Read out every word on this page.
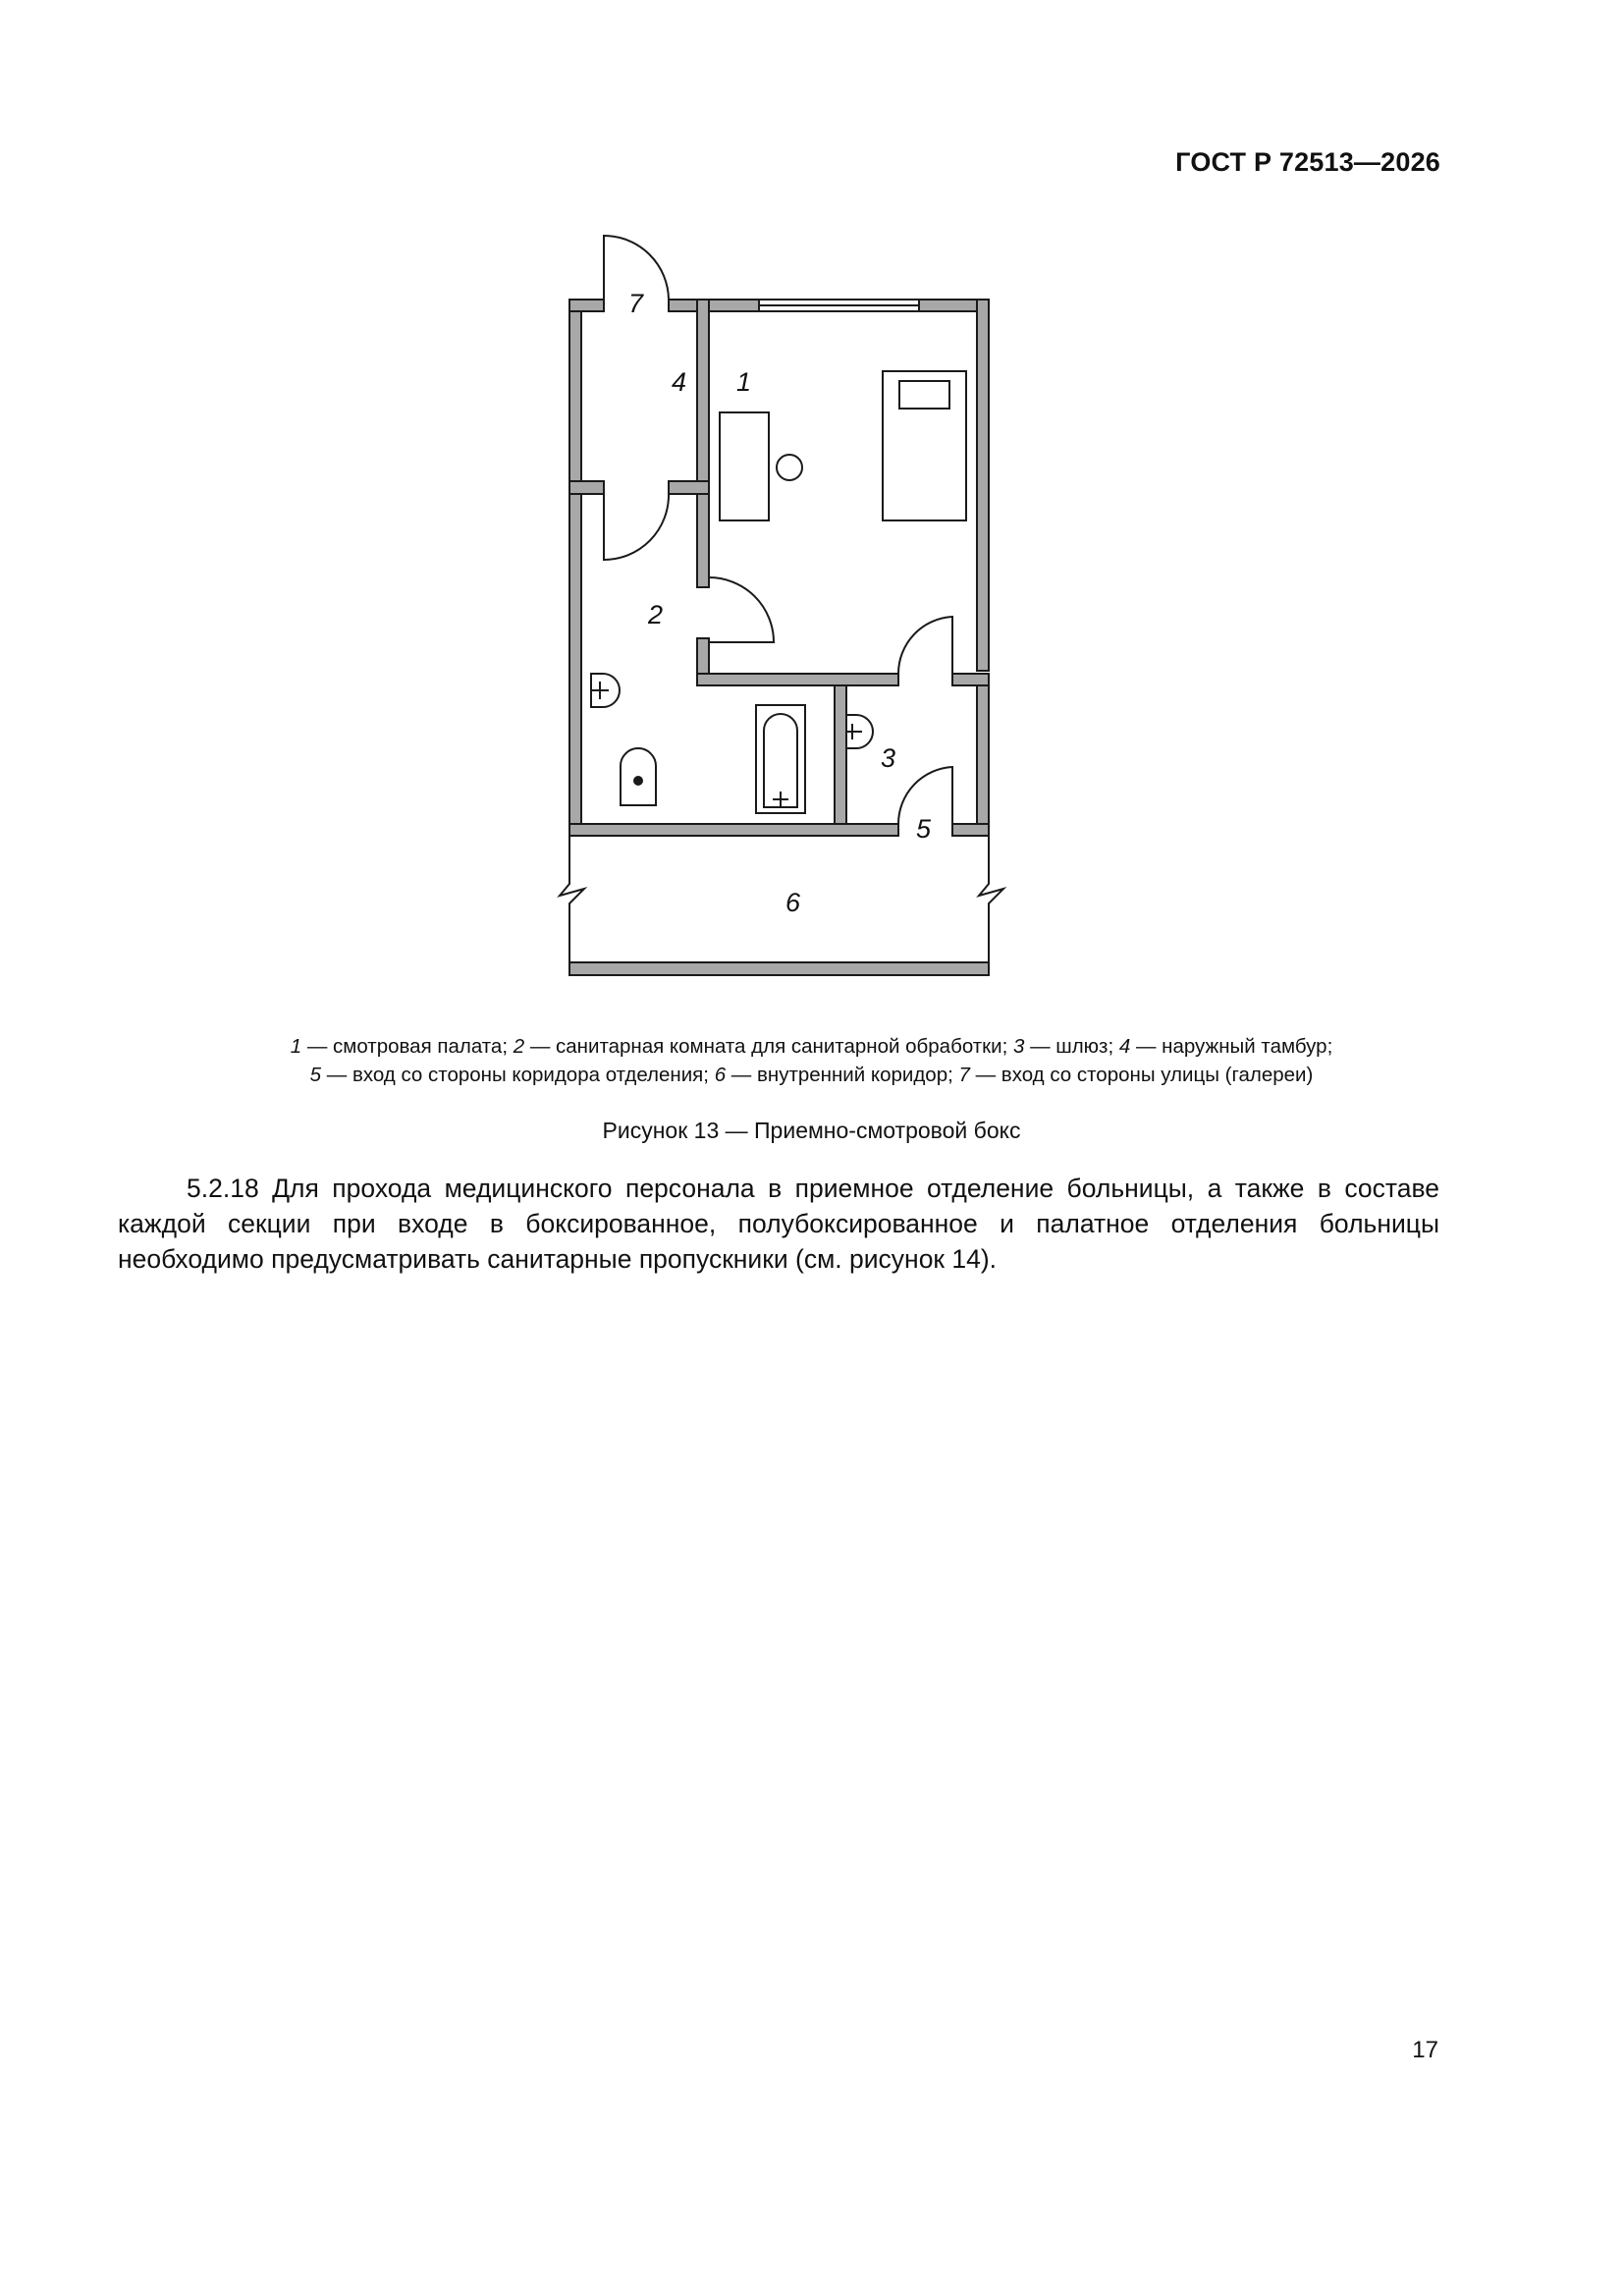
ГОСТ Р 72513—2026
7
4 1
2
3
5
6
1 — смотровая палата; 2 — санитарная комната для санитарной обработки; 3 — шлюз; 4 — наружный тамбур;
5 — вход со стороны коридора отделения; 6 — внутренний коридор; 7 — вход со стороны улицы (галереи)
Рисунок 13 — Приемно-смотровой бокс
5.2.18 Для прохода медицинского персонала в приемное отделение больницы, а также в составе каждой секции при входе в боксированное, полубоксированное и палатное отделения больницы необходимо предусматривать санитарные пропускники (см. рисунок 14).
17
